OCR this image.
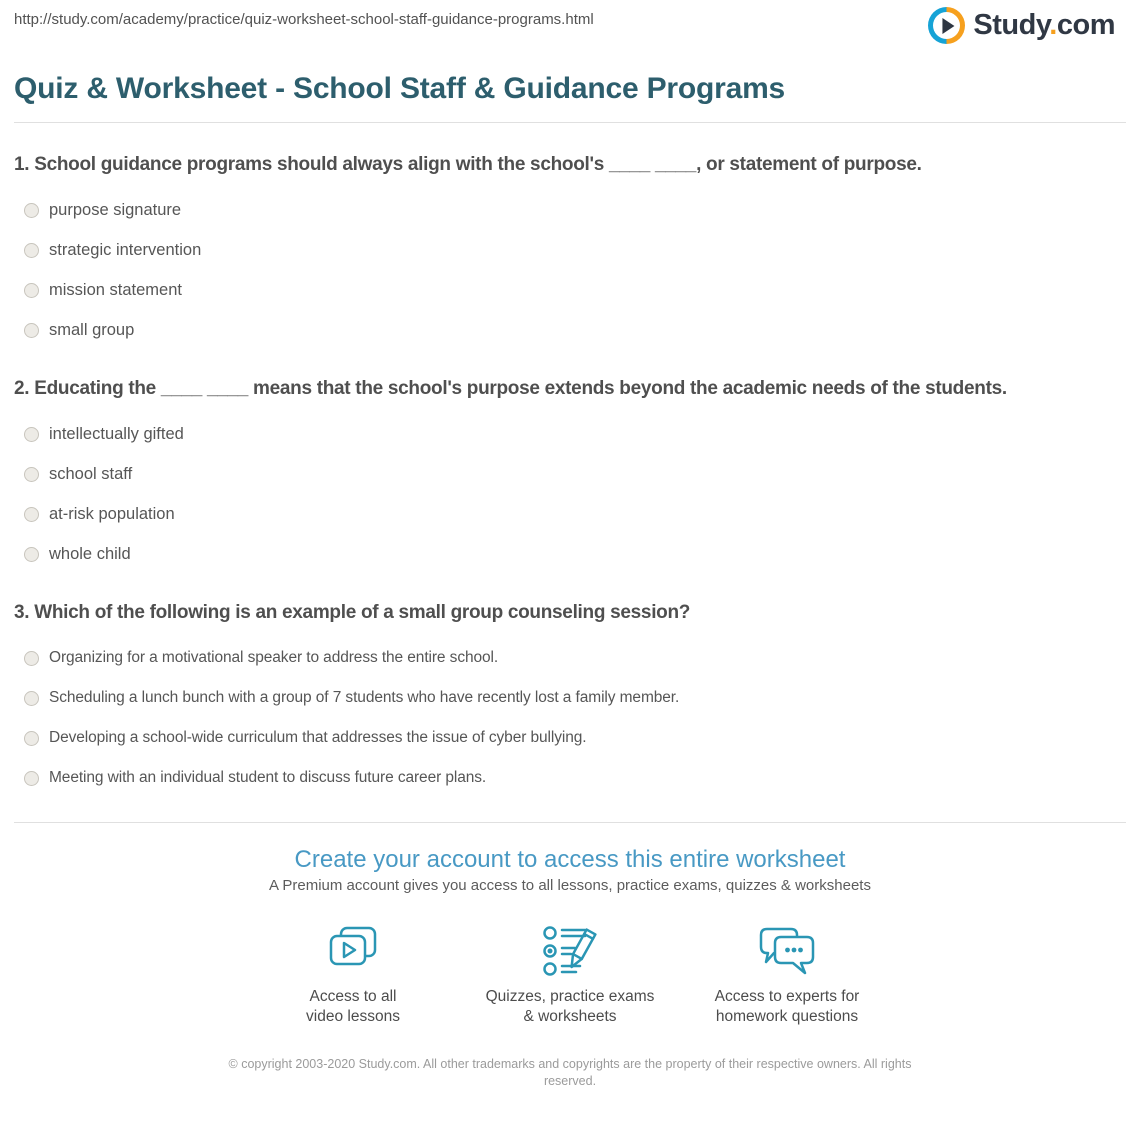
http://study.com/academy/practice/quiz-worksheet-school-staff-guidance-programs.html	Study.com
Quiz & Worksheet - School Staff & Guidance Programs
1. School guidance programs should always align with the school's ____ ____, or statement of purpose.
purpose signature
strategic intervention
mission statement
small group
2. Educating the ____ ____ means that the school's purpose extends beyond the academic needs of the students.
intellectually gifted
school staff
at-risk population
whole child
3. Which of the following is an example of a small group counseling session?
Organizing for a motivational speaker to address the entire school.
Scheduling a lunch bunch with a group of 7 students who have recently lost a family member.
Developing a school-wide curriculum that addresses the issue of cyber bullying.
Meeting with an individual student to discuss future career plans.
Create your account to access this entire worksheet
A Premium account gives you access to all lessons, practice exams, quizzes & worksheets
Access to all
video lessons
Quizzes, practice exams
& worksheets
Access to experts for
homework questions
© copyright 2003-2020 Study.com. All other trademarks and copyrights are the property of their respective owners. All rights reserved.
